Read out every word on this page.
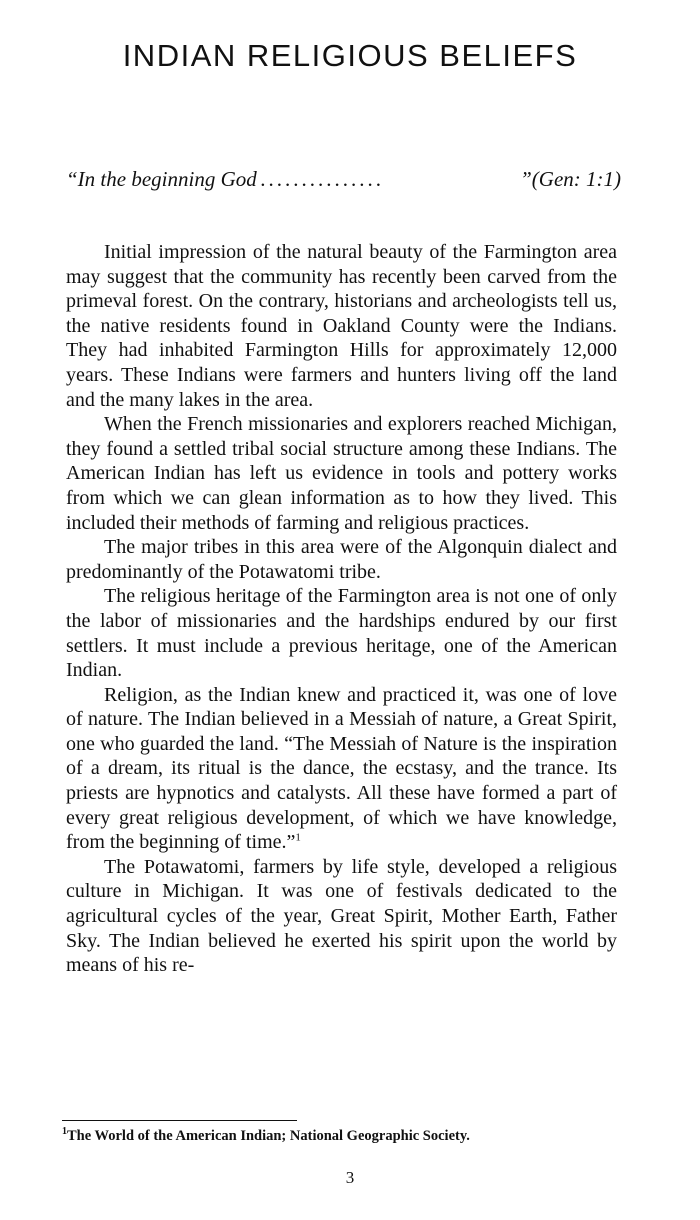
INDIAN RELIGIOUS BELIEFS
“In the beginning God ...............	”(Gen: 1:1)

Initial impression of the natural beauty of the Farmington area may suggest that the community has recently been carved from the primeval forest. On the contrary, historians and archeologists tell us, the native residents found in Oakland County were the Indians. They had inhabited Farmington Hills for approximately 12,000 years. These Indians were farmers and hunters living off the land and the many lakes in the area.

When the French missionaries and explorers reached Michigan, they found a settled tribal social structure among these Indians. The American Indian has left us evidence in tools and pottery works from which we can glean information as to how they lived. This included their methods of farming and religious practices.

The major tribes in this area were of the Algonquin dialect and predominantly of the Potawatomi tribe.

The religious heritage of the Farmington area is not one of only the labor of missionaries and the hardships endured by our first settlers. It must include a previous heritage, one of the American Indian.

Religion, as the Indian knew and practiced it, was one of love of nature. The Indian believed in a Messiah of nature, a Great Spirit, one who guarded the land. “The Messiah of Nature is the inspiration of a dream, its ritual is the dance, the ecstasy, and the trance. Its priests are hypnotics and catalysts. All these have formed a part of every great religious development, of which we have knowledge, from the beginning of time.”$^1$

The Potawatomi, farmers by life style, developed a religious culture in Michigan. It was one of festivals dedicated to the agricultural cycles of the year, Great Spirit, Mother Earth, Father Sky. The Indian believed he exerted his spirit upon the world by means of his re-

$^1$The World of the American Indian; National Geographic Society.
3
